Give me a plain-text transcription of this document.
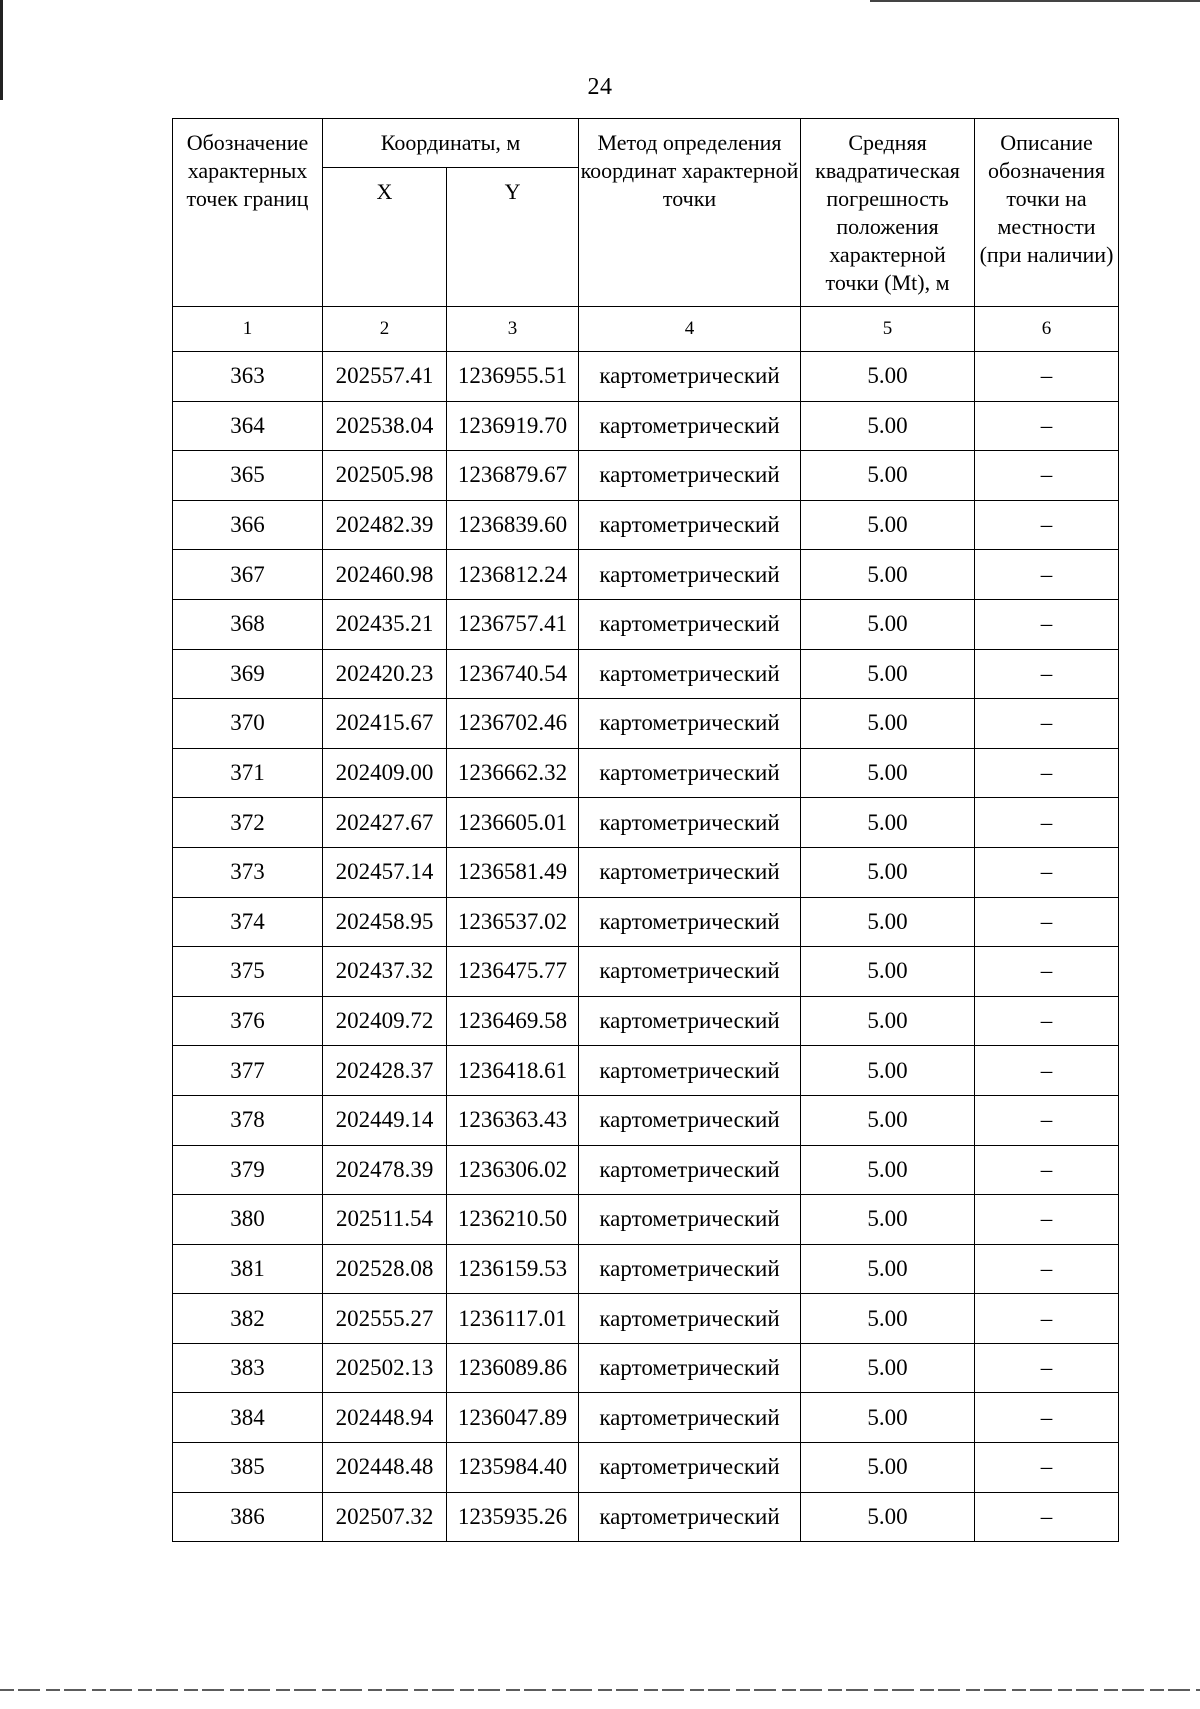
24
Обозначение характерных точек границ	Координаты, м		Метод определения координат характерной точки	Средняя квадратическая погрешность положения характерной точки (Mt), м	Описание обозначения точки на местности (при наличии)
	X	Y			
1	2	3	4	5	6
363	202557.41	1236955.51	картометрический	5.00	–
364	202538.04	1236919.70	картометрический	5.00	–
365	202505.98	1236879.67	картометрический	5.00	–
366	202482.39	1236839.60	картометрический	5.00	–
367	202460.98	1236812.24	картометрический	5.00	–
368	202435.21	1236757.41	картометрический	5.00	–
369	202420.23	1236740.54	картометрический	5.00	–
370	202415.67	1236702.46	картометрический	5.00	–
371	202409.00	1236662.32	картометрический	5.00	–
372	202427.67	1236605.01	картометрический	5.00	–
373	202457.14	1236581.49	картометрический	5.00	–
374	202458.95	1236537.02	картометрический	5.00	–
375	202437.32	1236475.77	картометрический	5.00	–
376	202409.72	1236469.58	картометрический	5.00	–
377	202428.37	1236418.61	картометрический	5.00	–
378	202449.14	1236363.43	картометрический	5.00	–
379	202478.39	1236306.02	картометрический	5.00	–
380	202511.54	1236210.50	картометрический	5.00	–
381	202528.08	1236159.53	картометрический	5.00	–
382	202555.27	1236117.01	картометрический	5.00	–
383	202502.13	1236089.86	картометрический	5.00	–
384	202448.94	1236047.89	картометрический	5.00	–
385	202448.48	1235984.40	картометрический	5.00	–
386	202507.32	1235935.26	картометрический	5.00	–
